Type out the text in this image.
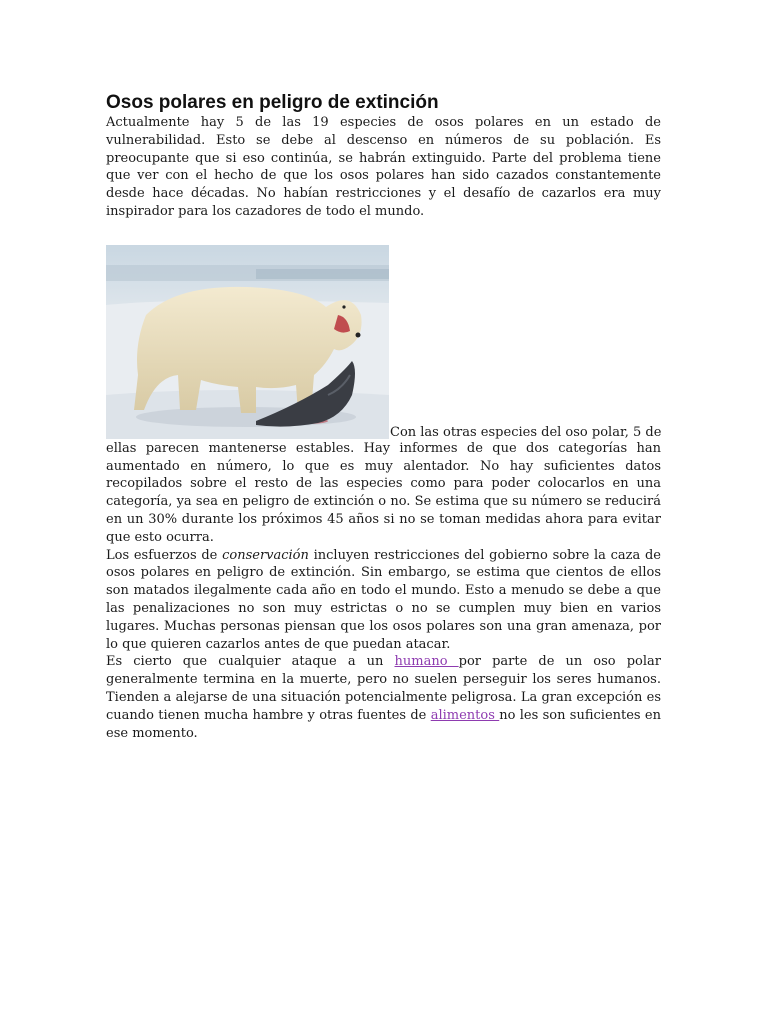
Osos polares en peligro de extinción

Actualmente hay 5 de las 19 especies de osos polares en un estado de vulnerabilidad. Esto se debe al descenso en números de su población. Es preocupante que si eso continúa, se habrán extinguido. Parte del problema tiene que ver con el hecho de que los osos polares han sido cazados constantemente desde hace décadas. No habían restricciones y el desafío de cazarlos era muy inspirador para los cazadores de todo el mundo.

Con las otras especies del oso polar, 5 de

ellas parecen mantenerse estables. Hay informes de que dos categorías han aumentado en número, lo que es muy alentador. No hay suficientes datos recopilados sobre el resto de las especies como para poder colocarlos en una categoría, ya sea en peligro de extinción o no. Se estima que su número se reducirá en un 30% durante los próximos 45 años si no se toman medidas ahora para evitar que esto ocurra.

Los esfuerzos de conservación incluyen restricciones del gobierno sobre la caza de osos polares en peligro de extinción. Sin embargo, se estima que cientos de ellos son matados ilegalmente cada año en todo el mundo. Esto a menudo se debe a que las penalizaciones no son muy estrictas o no se cumplen muy bien en varios lugares. Muchas personas piensan que los osos polares son una gran amenaza, por lo que quieren cazarlos antes de que puedan atacar.

Es cierto que cualquier ataque a un humano por parte de un oso polar generalmente termina en la muerte, pero no suelen perseguir los seres humanos. Tienden a alejarse de una situación potencialmente peligrosa. La gran excepción es cuando tienen mucha hambre y otras fuentes de alimentos no les son suficientes en ese momento.
